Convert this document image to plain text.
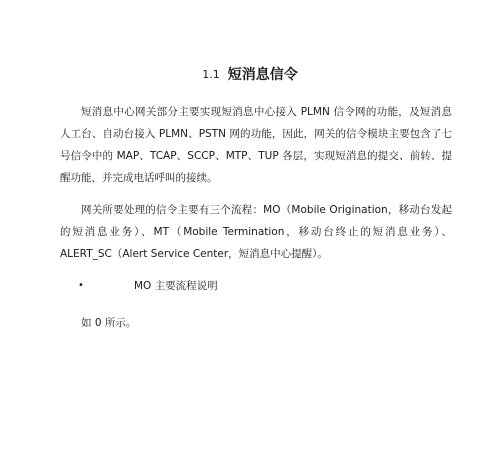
1.1 短消息信令

短消息中心网关部分主要实现短消息中心接入 PLMN 信令网的功能，及短消息人工台、自动台接入 PLMN、PSTN 网的功能，因此，网关的信令模块主要包含了七号信令中的 MAP、TCAP、SCCP、MTP、TUP 各层，实现短消息的提交、前转、提醒功能，并完成电话呼叫的接续。

网关所要处理的信令主要有三个流程：MO（Mobile Origination，移动台发起的短消息业务）、MT（Mobile Termination，移动台终止的短消息业务）、ALERT_SC（Alert Service Center，短消息中心提醒）。

•	MO 主要流程说明

如 0 所示。
